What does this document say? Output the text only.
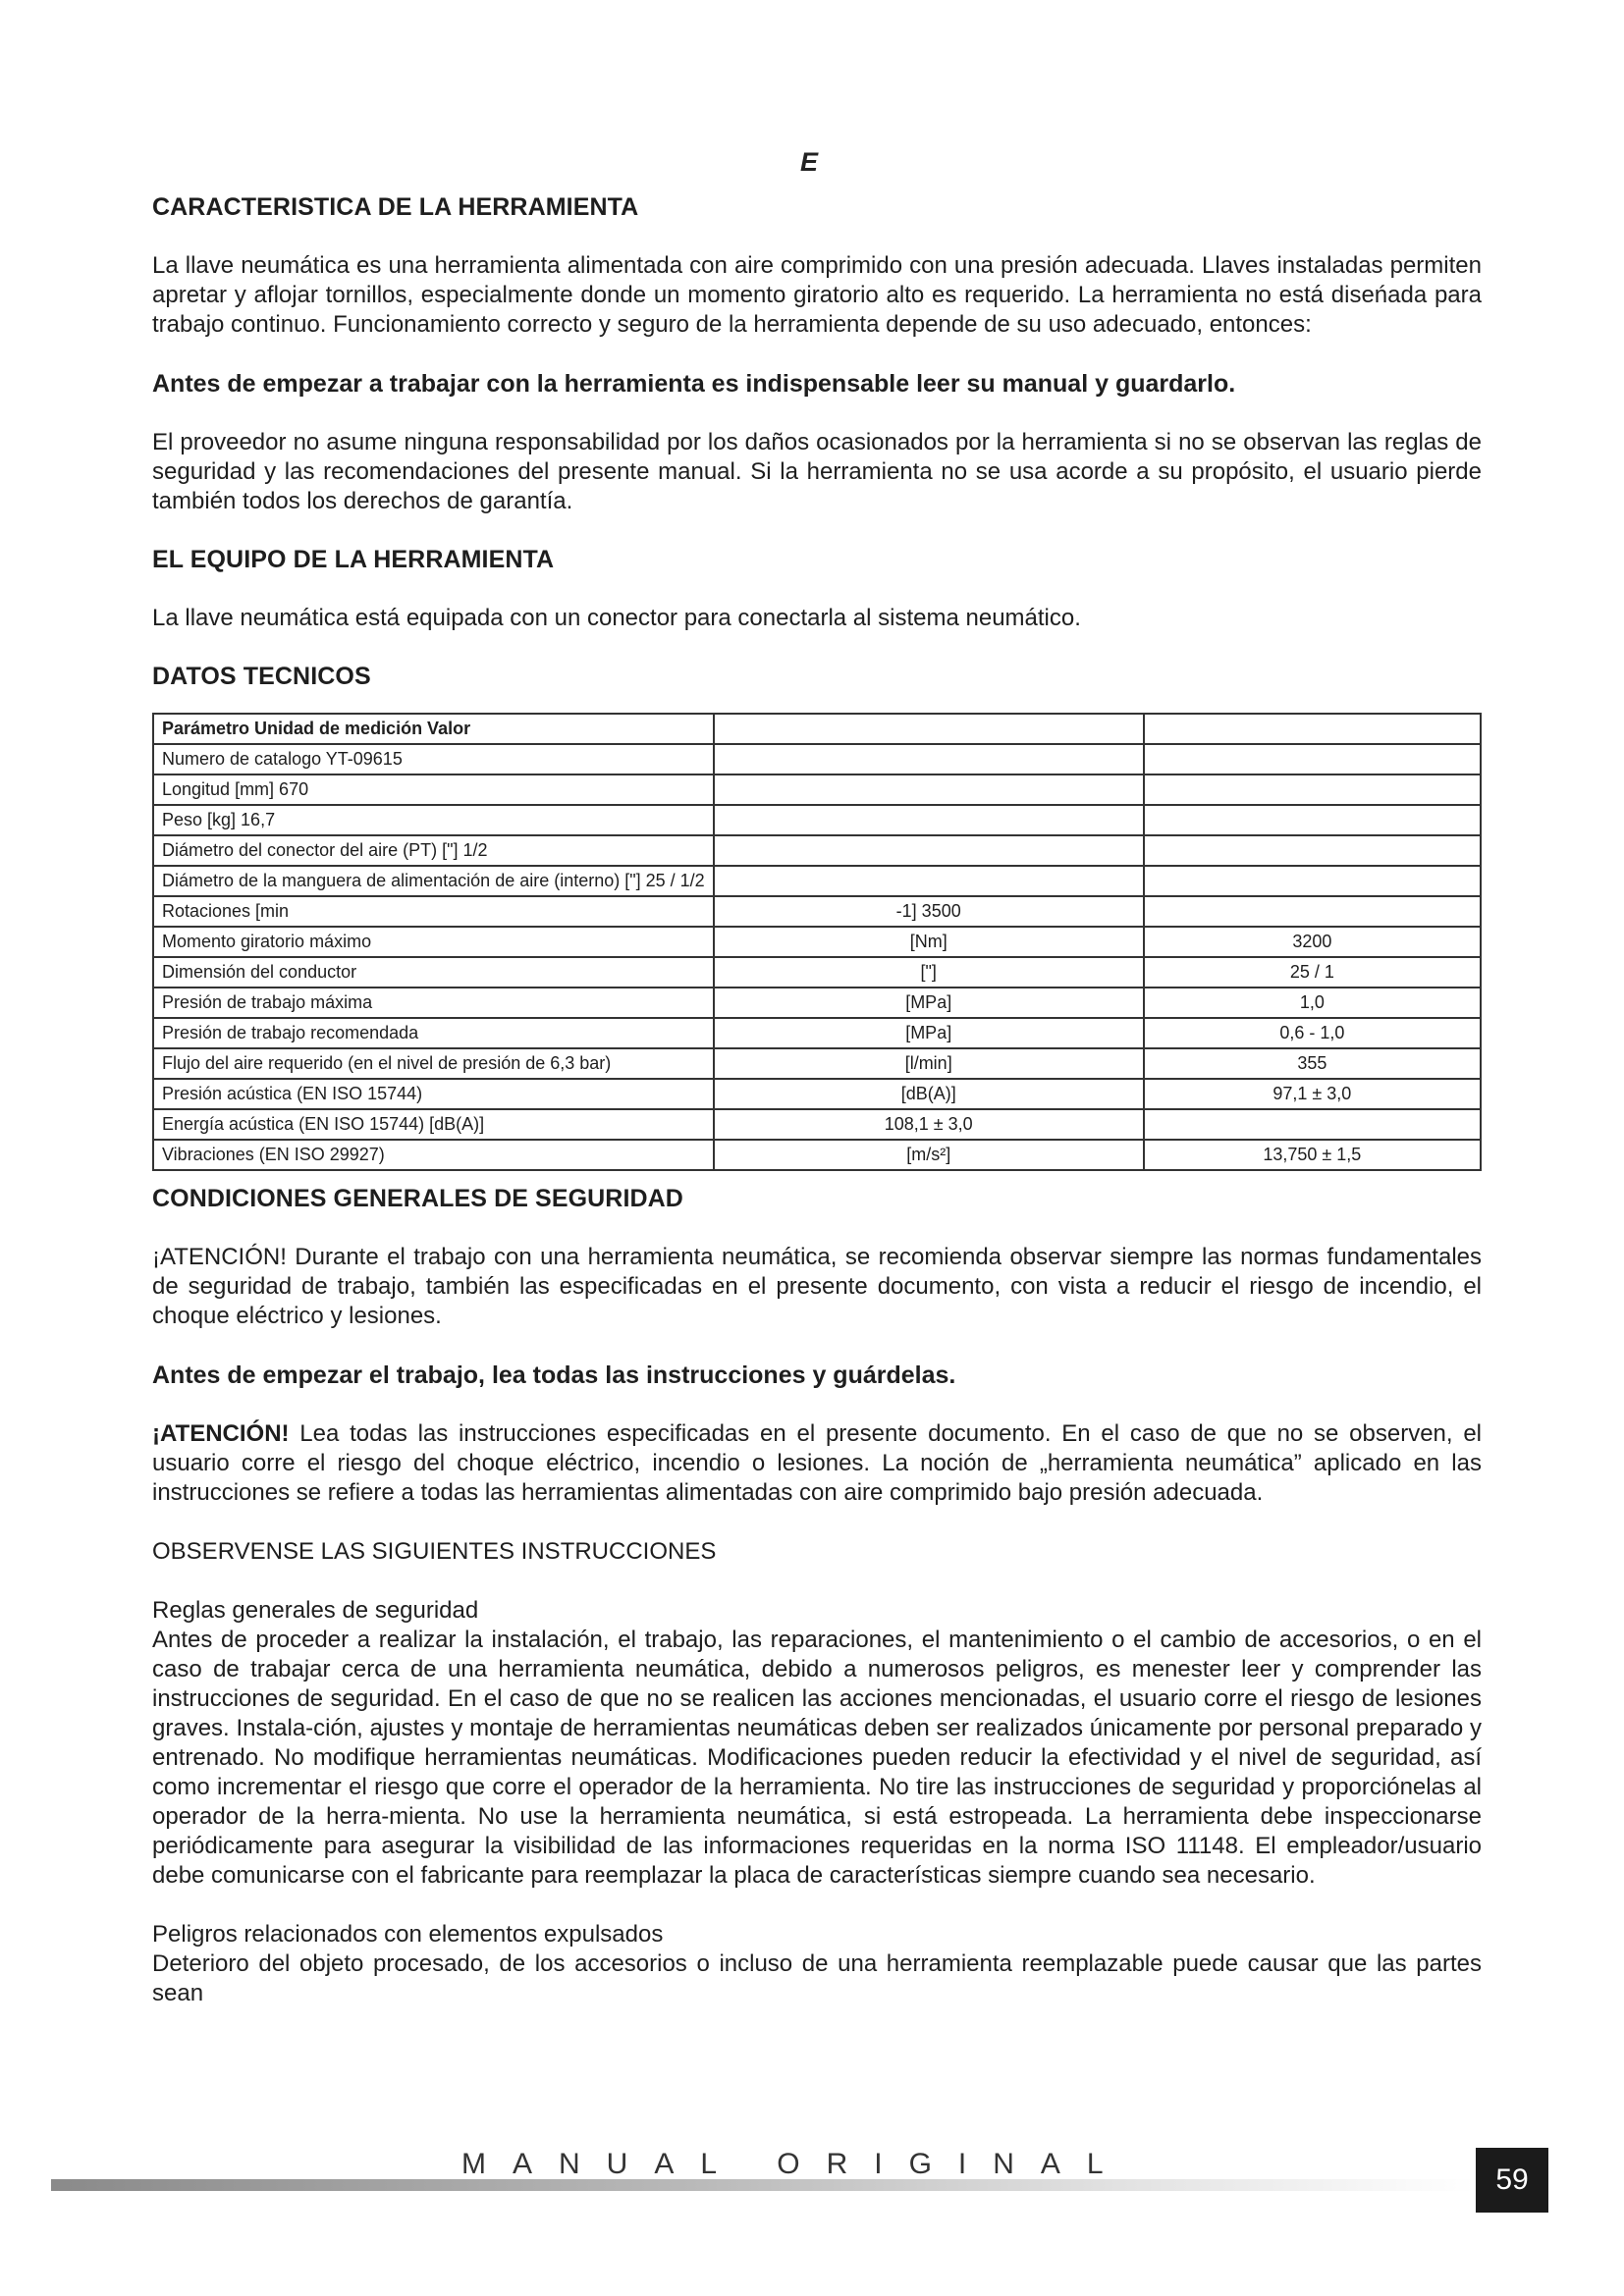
E
CARACTERISTICA DE LA HERRAMIENTA
La llave neumática es una herramienta alimentada con aire comprimido con una presión adecuada. Llaves instaladas permiten apretar y aflojar tornillos, especialmente donde un momento giratorio alto es requerido. La herramienta no está diseńada para trabajo continuo. Funcionamiento correcto y seguro de la herramienta depende de su uso adecuado, entonces:
Antes de empezar a trabajar con la herramienta es indispensable leer su manual y guardarlo.
El proveedor no asume ninguna responsabilidad por los daños ocasionados por la herramienta si no se observan las reglas de seguridad y las recomendaciones del presente manual. Si la herramienta no se usa acorde a su propósito, el usuario pierde también todos los derechos de garantía.
EL EQUIPO DE LA HERRAMIENTA
La llave neumática está equipada con un conector para conectarla al sistema neumático.
DATOS TECNICOS
Parámetro Unidad de medición Valor		
Numero de catalogo YT-09615		
Longitud [mm] 670		
Peso [kg] 16,7		
Diámetro del conector del aire (PT) ["] 1/2		
Diámetro de la manguera de alimentación de aire (interno) ["] 25 / 1/2		
Rotaciones [min	-1] 3500	
Momento giratorio máximo	[Nm]	3200
Dimensión del conductor	["]	25 / 1
Presión de trabajo máxima	[MPa]	1,0
Presión de trabajo recomendada	[MPa]	0,6 - 1,0
Flujo del aire requerido (en el nivel de presión de 6,3 bar)	[l/min]	355
Presión acústica (EN ISO 15744)	[dB(A)]	97,1 ± 3,0
Energía acústica (EN ISO 15744) [dB(A)]	108,1 ± 3,0	
Vibraciones (EN ISO 29927)	[m/s²]	13,750 ± 1,5
CONDICIONES GENERALES DE SEGURIDAD
¡ATENCIÓN! Durante el trabajo con una herramienta neumática, se recomienda observar siempre las normas fundamentales de seguridad de trabajo, también las especificadas en el presente documento, con vista a reducir el riesgo de incendio, el choque eléctrico y lesiones.
Antes de empezar el trabajo, lea todas las instrucciones y guárdelas.
¡ATENCIÓN! Lea todas las instrucciones especificadas en el presente documento. En el caso de que no se observen, el usuario corre el riesgo del choque eléctrico, incendio o lesiones. La noción de „herramienta neumática” aplicado en las instrucciones se refiere a todas las herramientas alimentadas con aire comprimido bajo presión adecuada.
OBSERVENSE LAS SIGUIENTES INSTRUCCIONES
Reglas generales de seguridad
Antes de proceder a realizar la instalación, el trabajo, las reparaciones, el mantenimiento o el cambio de accesorios, o en el caso de trabajar cerca de una herramienta neumática, debido a numerosos peligros, es menester leer y comprender las instrucciones de seguridad. En el caso de que no se realicen las acciones mencionadas, el usuario corre el riesgo de lesiones graves. Instala-ción, ajustes y montaje de herramientas neumáticas deben ser realizados únicamente por personal preparado y entrenado. No modifique herramientas neumáticas. Modificaciones pueden reducir la efectividad y el nivel de seguridad, así como incrementar el riesgo que corre el operador de la herramienta. No tire las instrucciones de seguridad y proporciónelas al operador de la herra-mienta. No use la herramienta neumática, si está estropeada. La herramienta debe inspeccionarse periódicamente para asegurar la visibilidad de las informaciones requeridas en la norma ISO 11148. El empleador/usuario debe comunicarse con el fabricante para reemplazar la placa de características siempre cuando sea necesario.
Peligros relacionados con elementos expulsados
Deterioro del objeto procesado, de los accesorios o incluso de una herramienta reemplazable puede causar que las partes sean
MANUAL ORIGINAL	59
